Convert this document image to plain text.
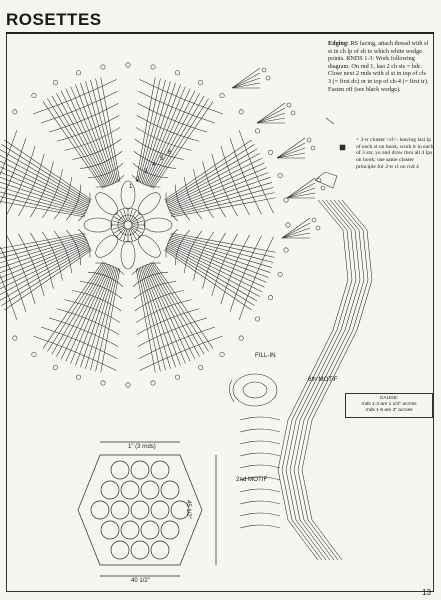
ROSETTES
Edging: RS facing, attach thread with sl st in ch lp of sh to which white wedge points. RNDS 1-3: Work following diagram. On rnd 1, last 2 ch sts = hdc. Close next 2 rnds with sl st in top of ch-3 (= first dc) or in top of ch-4 (= first tr). Fasten off (see black wedge).
= 3-tr cluster <cl>: leaving last lp of each st on hook, work tr in each of 3 sts; yo and draw thru all 4 lps on hook; use same cluster principle for 2-tr cl on rnd 4
FILL-IN
6th MOTIF
2nd MOTIF
1
2
3
4
5
6
GAUGE:
rnds 1-3 are 1 1/4" across
rnds 1-6 are 3" across
1" (3 rnds)
45 1/2"
40 1/2"
13
